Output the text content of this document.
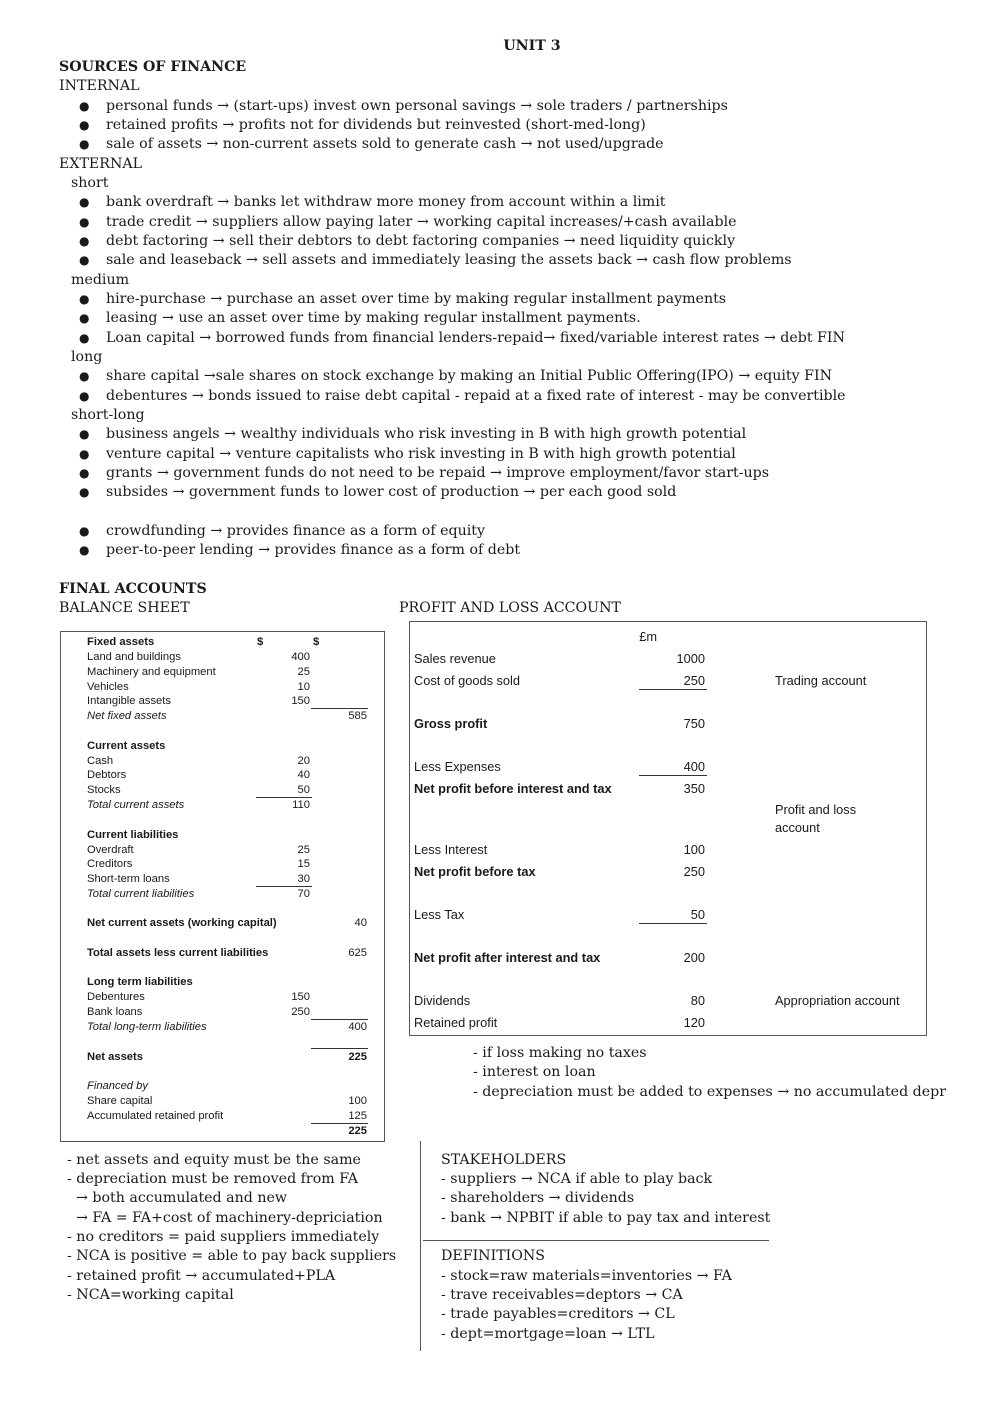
UNIT 3
SOURCES OF FINANCE
INTERNAL
● personal funds → (start-ups) invest own personal savings → sole traders / partnerships
● retained profits → profits not for dividends but reinvested (short-med-long)
● sale of assets → non-current assets sold to generate cash → not used/upgrade
EXTERNAL
short
● bank overdraft → banks let withdraw more money from account within a limit
● trade credit → suppliers allow paying later → working capital increases/+cash available
● debt factoring → sell their debtors to debt factoring companies → need liquidity quickly
● sale and leaseback → sell assets and immediately leasing the assets back → cash flow problems
medium
● hire-purchase → purchase an asset over time by making regular installment payments
● leasing → use an asset over time by making regular installment payments.
● Loan capital → borrowed funds from financial lenders-repaid→ fixed/variable interest rates → debt FIN
long
● share capital →sale shares on stock exchange by making an Initial Public Offering(IPO) → equity FIN
● debentures → bonds issued to raise debt capital - repaid at a fixed rate of interest - may be convertible
short-long
● business angels → wealthy individuals who risk investing in B with high growth potential
● venture capital → venture capitalists who risk investing in B with high growth potential
● grants → government funds do not need to be repaid → improve employment/favor start-ups
● subsides → government funds to lower cost of production → per each good sold
● crowdfunding → provides finance as a form of equity
● peer-to-peer lending → provides finance as a form of debt
FINAL ACCOUNTS
BALANCE SHEET	PROFIT AND LOSS ACCOUNT
Fixed assets	$	$
Land and buildings	400
Machinery and equipment	25
Vehicles	10
Intangible assets	150
Net fixed assets	585
Current assets
Cash	20
Debtors	40
Stocks	50
Total current assets	110
Current liabilities
Overdraft	25
Creditors	15
Short-term loans	30
Total current liabilities	70
Net current assets (working capital)	40
Total assets less current liabilities	625
Long term liabilities
Debentures	150
Bank loans	250
Total long-term liabilities	400
Net assets	225
Financed by
Share capital	100
Accumulated retained profit	125
225
£m
Sales revenue	1000
Cost of goods sold	250	Trading account
Gross profit	750
Less Expenses	400
Net profit before interest and tax	350
Profit and loss
account
Less Interest	100
Net profit before tax	250
Less Tax	50
Net profit after interest and tax	200
Dividends	80	Appropriation account
Retained profit	120
- if loss making no taxes
- interest on loan
- depreciation must be added to expenses → no accumulated depr
- net assets and equity must be the same
- depreciation must be removed from FA
→ both accumulated and new
→ FA = FA+cost of machinery-depriciation
- no creditors = paid suppliers immediately
- NCA is positive = able to pay back suppliers
- retained profit → accumulated+PLA
- NCA=working capital
STAKEHOLDERS
- suppliers → NCA if able to play back
- shareholders → dividends
- bank → NPBIT if able to pay tax and interest
DEFINITIONS
- stock=raw materials=inventories → FA
- trave receivables=deptors → CA
- trade payables=creditors → CL
- dept=mortgage=loan → LTL
